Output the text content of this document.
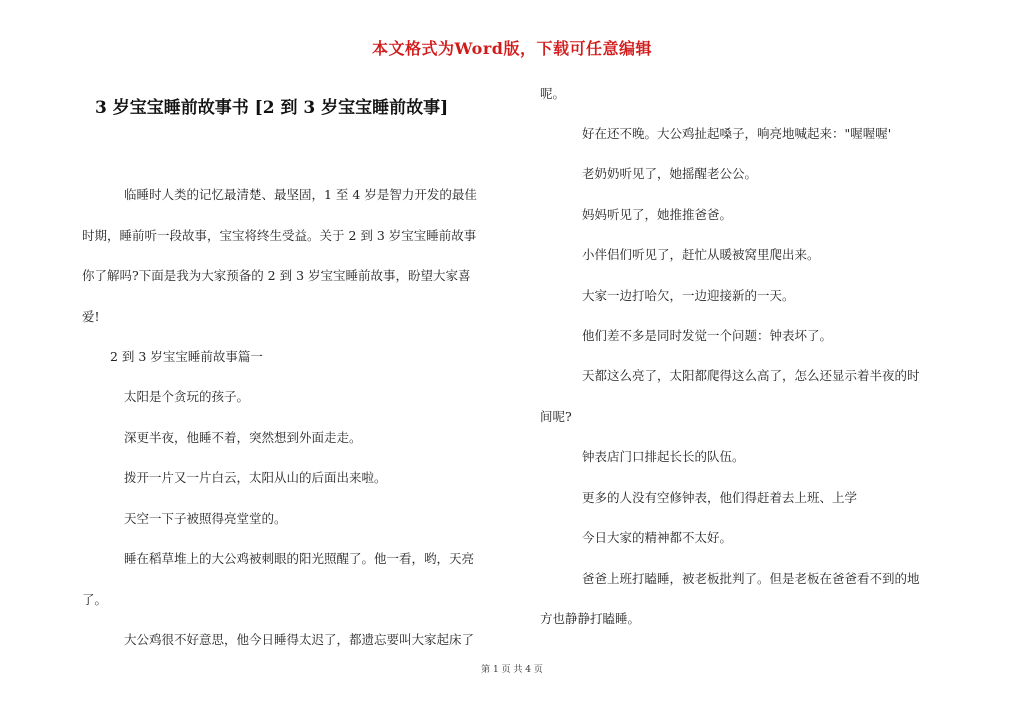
本文格式为Word版，下载可任意编辑
3 岁宝宝睡前故事书 [2 到 3 岁宝宝睡前故事]
临睡时人类的记忆最清楚、最坚固，1 至 4 岁是智力开发的最佳
时期，睡前听一段故事，宝宝将终生受益。关于 2 到 3 岁宝宝睡前故事
你了解吗?下面是我为大家预备的 2 到 3 岁宝宝睡前故事，盼望大家喜
爱!
2 到 3 岁宝宝睡前故事篇一
太阳是个贪玩的孩子。
深更半夜，他睡不着，突然想到外面走走。
拨开一片又一片白云，太阳从山的后面出来啦。
天空一下子被照得亮堂堂的。
睡在稻草堆上的大公鸡被刺眼的阳光照醒了。他一看，哟，天亮
了。
大公鸡很不好意思，他今日睡得太迟了，都遗忘要叫大家起床了
呢。
好在还不晚。大公鸡扯起嗓子，响亮地喊起来："喔喔喔'
老奶奶听见了，她摇醒老公公。
妈妈听见了，她推推爸爸。
小伴侣们听见了，赶忙从暖被窝里爬出来。
大家一边打哈欠，一边迎接新的一天。
他们差不多是同时发觉一个问题：钟表坏了。
天都这么亮了，太阳都爬得这么高了，怎么还显示着半夜的时
间呢?
钟表店门口排起长长的队伍。
更多的人没有空修钟表，他们得赶着去上班、上学
今日大家的精神都不太好。
爸爸上班打瞌睡，被老板批判了。但是老板在爸爸看不到的地
方也静静打瞌睡。
第 1 页 共 4 页
